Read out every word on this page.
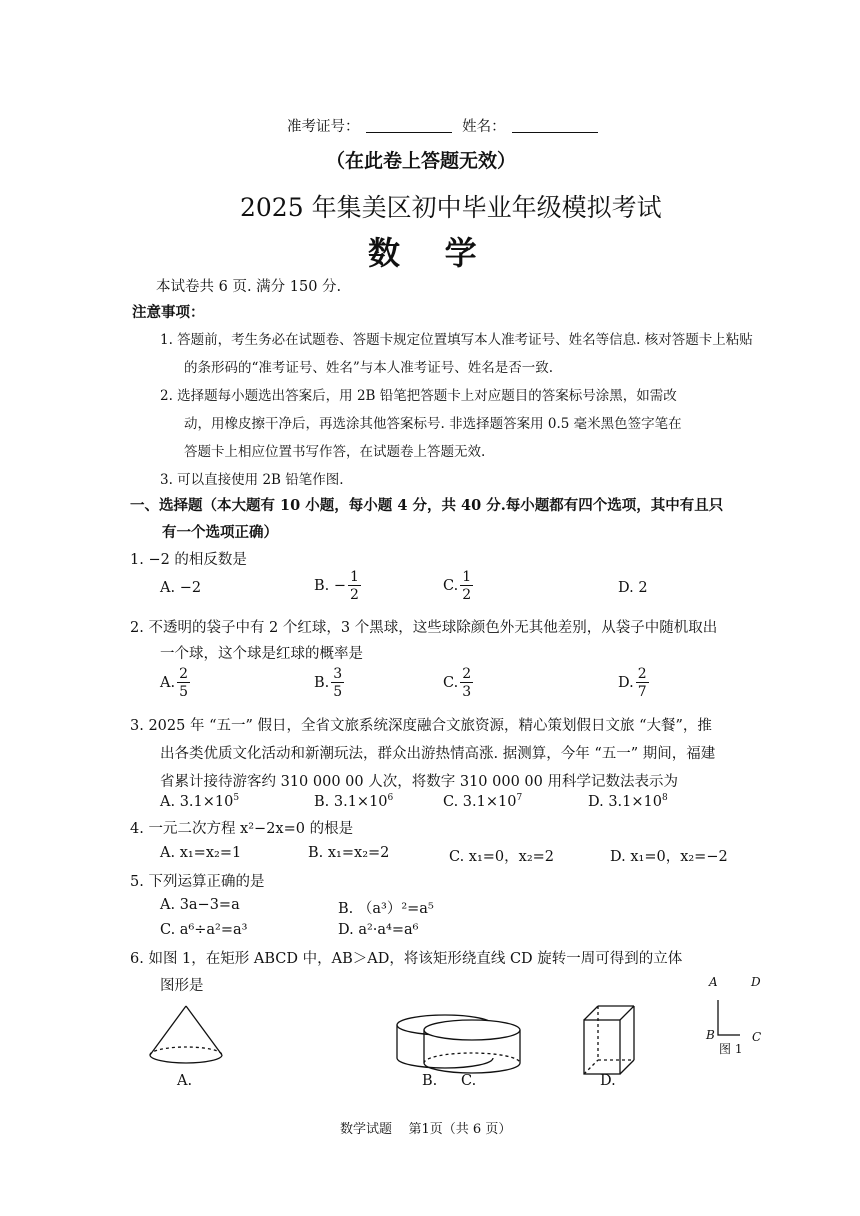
准考证号：	姓名：
（在此卷上答题无效）
2025 年集美区初中毕业年级模拟考试
数    学
本试卷共 6 页. 满分 150 分.
注意事项：
1. 答题前，考生务必在试题卷、答题卡规定位置填写本人准考证号、姓名等信息. 核对答题卡上粘贴
的条形码的“准考证号、姓名”与本人准考证号、姓名是否一致.
2. 选择题每小题选出答案后，用 2B 铅笔把答题卡上对应题目的答案标号涂黑，如需改
动，用橡皮擦干净后，再选涂其他答案标号. 非选择题答案用 0.5 毫米黑色签字笔在
答题卡上相应位置书写作答，在试题卷上答题无效.
3. 可以直接使用 2B 铅笔作图.
一、选择题（本大题有 10 小题，每小题 4 分，共 40 分.每小题都有四个选项，其中有且只
有一个选项正确）
1. −2 的相反数是
A. −2	B. − $\frac{1}{2}$	C. $\frac{1}{2}$	D. 2
2. 不透明的袋子中有 2 个红球，3 个黑球，这些球除颜色外无其他差别，从袋子中随机取出
一个球，这个球是红球的概率是
A. $\frac{2}{5}$	B. $\frac{3}{5}$	C. $\frac{2}{3}$	D. $\frac{2}{7}$
3. 2025 年 “五一” 假日，全省文旅系统深度融合文旅资源，精心策划假日文旅 “大餐”，推
出各类优质文化活动和新潮玩法，群众出游热情高涨. 据测算，今年 “五一” 期间，福建
省累计接待游客约 310 000 00 人次，将数字 310 000 00 用科学记数法表示为
A. $3.1\times 10^5$	B. $3.1\times 10^6$	C. $3.1\times 10^7$	D. $3.1\times 10^8$
4. 一元二次方程 x²−2x=0 的根是
A. x₁=x₂=1	B. x₁=x₂=2	C. x₁=0，x₂=2	D. x₁=0，x₂=−2
5. 下列运算正确的是
A. 3a−3=a	B. （a³）²=a⁵
C. a⁶÷a²=a³	D. a²·a⁴=a⁶
6. 如图 1，在矩形 ABCD 中，AB＞AD，将该矩形绕直线 CD 旋转一周可得到的立体
图形是	A	D
B	C
图 1
A.	B. C.	D.
数学试题    第1页（共 6 页）
